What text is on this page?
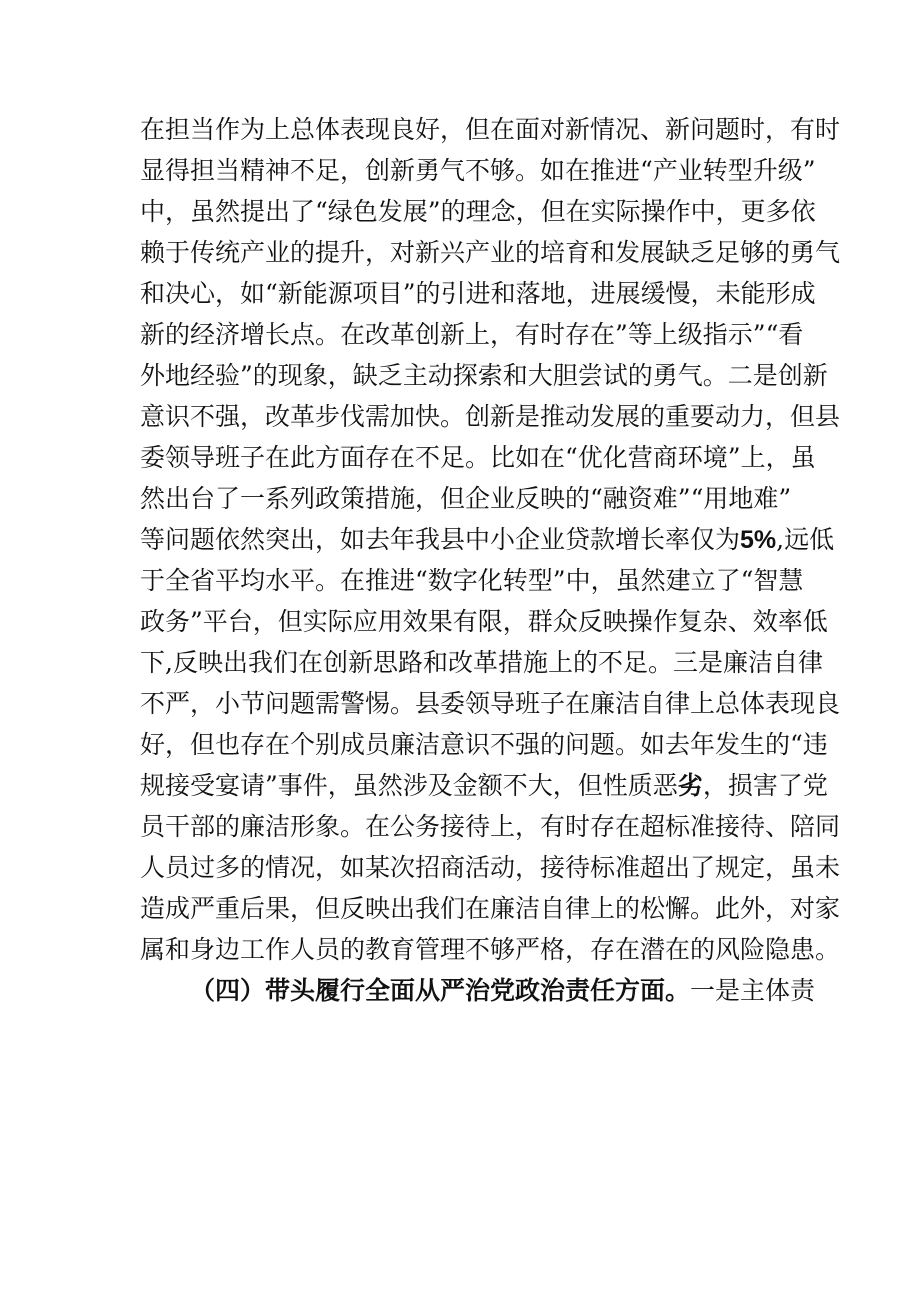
在担当作为上总体表现良好，但在面对新情况、新问题时，有时
显得担当精神不足，创新勇气不够。如在推进“产业转型升级”
中，虽然提出了“绿色发展”的理念，但在实际操作中，更多依
赖于传统产业的提升，对新兴产业的培育和发展缺乏足够的勇气
和决心，如“新能源项目”的引进和落地，进展缓慢，未能形成
新的经济增长点。在改革创新上，有时存在”等上级指示”“看
外地经验”的现象，缺乏主动探索和大胆尝试的勇气。二是创新
意识不强，改革步伐需加快。创新是推动发展的重要动力，但县
委领导班子在此方面存在不足。比如在“优化营商环境”上，虽
然出台了一系列政策措施，但企业反映的“融资难”“用地难”
等问题依然突出，如去年我县中小企业贷款增长率仅为5%,远低
于全省平均水平。在推进“数字化转型”中，虽然建立了“智慧
政务”平台，但实际应用效果有限，群众反映操作复杂、效率低
下,反映出我们在创新思路和改革措施上的不足。三是廉洁自律
不严，小节问题需警惕。县委领导班子在廉洁自律上总体表现良
好，但也存在个别成员廉洁意识不强的问题。如去年发生的“违
规接受宴请”事件，虽然涉及金额不大，但性质恶劣，损害了党
员干部的廉洁形象。在公务接待上，有时存在超标准接待、陪同
人员过多的情况，如某次招商活动，接待标准超出了规定，虽未
造成严重后果，但反映出我们在廉洁自律上的松懈。此外，对家
属和身边工作人员的教育管理不够严格，存在潜在的风险隐患。
（四）带头履行全面从严治党政治责任方面。一是主体责
